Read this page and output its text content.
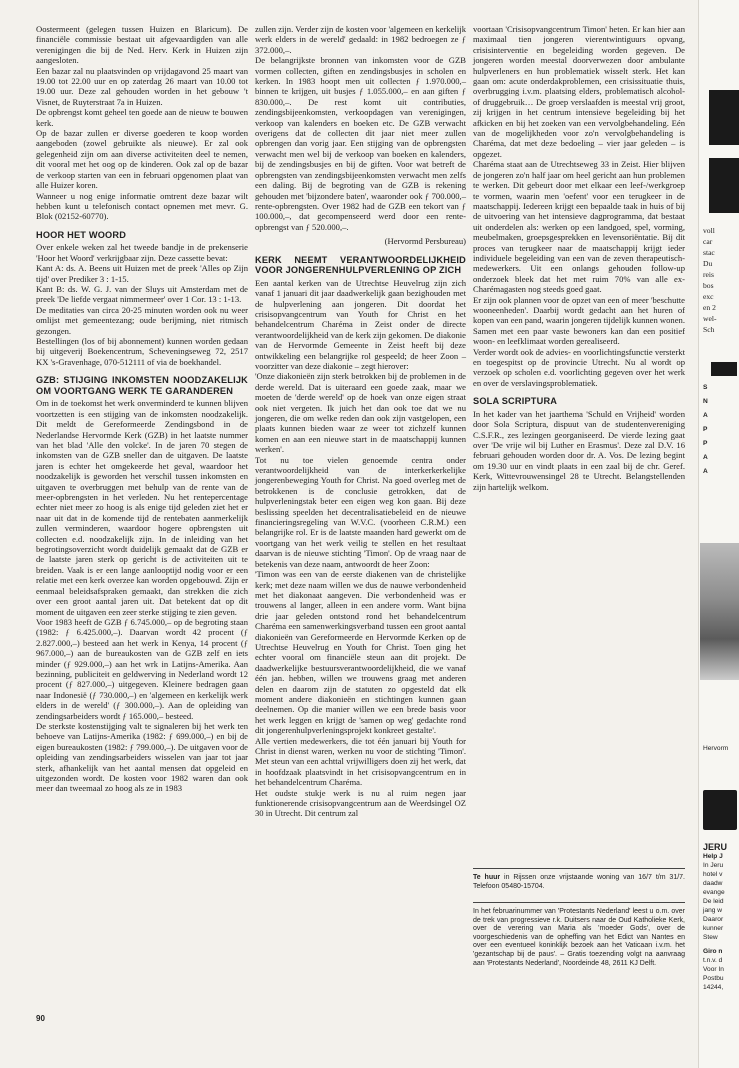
Oostermeent (gelegen tussen Huizen en Blaricum). De financiële commissie bestaat uit afgevaardigden van alle verenigingen die bij de Ned. Herv. Kerk in Huizen zijn aangesloten.

Een bazar zal nu plaatsvinden op vrijdagavond 25 maart van 19.00 tot 22.00 uur en op zaterdag 26 maart van 10.00 tot 19.00 uur. Deze zal gehouden worden in het gebouw 't Visnet, de Ruyterstraat 7a in Huizen.

De opbrengst komt geheel ten goede aan de nieuw te bouwen kerk.

Op de bazar zullen er diverse goederen te koop worden aangeboden (zowel gebruikte als nieuwe). Er zal ook gelegenheid zijn om aan diverse activiteiten deel te nemen, dit vooral met het oog op de kinderen. Ook zal op de bazar de verkoop starten van een in februari opgenomen plaat van alle Huizer koren.

Wanneer u nog enige informatie omtrent deze bazar wilt hebben kunt u telefonisch contact opnemen met mevr. G. Blok (02152-60770).

HOOR HET WOORD

Over enkele weken zal het tweede bandje in de prekenserie 'Hoor het Woord' verkrijgbaar zijn. Deze cassette bevat:

Kant A: ds. A. Beens uit Huizen met de preek 'Alles op Zijn tijd' over Prediker 3 : 1-15.

Kant B: ds. W. G. J. van der Sluys uit Amsterdam met de preek 'De liefde vergaat nimmermeer' over 1 Cor. 13 : 1-13.

De meditaties van circa 20-25 minuten worden ook nu weer omlijst met gemeentezang; oude berijming, niet ritmisch gezongen.

Bestellingen (los of bij abonnement) kunnen worden gedaan bij uitgeverij Boekencentrum, Scheveningseweg 72, 2517 KX 's-Gravenhage, 070-512111 of via de boekhandel.

GZB: STIJGING INKOMSTEN NOODZAKELIJK OM VOORTGANG WERK TE GARANDEREN

Om in de toekomst het werk onverminderd te kunnen blijven voortzetten is een stijging van de inkomsten noodzakelijk. Dit meldt de Gereformeerde Zendingsbond in de Nederlandse Hervormde Kerk (GZB) in het laatste nummer van het blad 'Alle den volcke'. In de jaren 70 stegen de inkomsten van de GZB sneller dan de uitgaven. De laatste jaren is echter het omgekeerde het geval, waardoor het noodzakelijk is geworden het verschil tussen inkomsten en uitgaven te overbruggen met behulp van de rente van de meer-opbrengsten in het verleden. Nu het rentepercentage echter niet meer zo hoog is als enige tijd geleden ziet het er naar uit dat in de komende tijd de rentebaten aanmerkelijk zullen verminderen, waardoor hogere opbrengsten uit collecten e.d. noodzakelijk zijn. In de inleiding van het begrotingsoverzicht wordt duidelijk gemaakt dat de GZB er de laatste jaren sterk op gericht is de activiteiten uit te breiden. Vaak is er een lange aanlooptijd nodig voor er een relatie met een kerk overzee kan worden opgebouwd. Zijn er eenmaal beleidsafspraken gemaakt, dan strekken die zich over een groot aantal jaren uit. Dat betekent dat op dit moment de uitgaven een zeer sterke stijging te zien geven.

Voor 1983 heeft de GZB ƒ 6.745.000,– op de begroting staan (1982: ƒ 6.425.000,–). Daarvan wordt 42 procent (ƒ 2.827.000,–) besteed aan het werk in Kenya, 14 procent (ƒ 967.000,–) aan de bureaukosten van de GZB zelf en iets minder (ƒ 929.000,–) aan het wrk in Latijns-Amerika. Aan bezinning, publiciteit en geldwerving in Nederland wordt 12 procent (ƒ 827.000,–) uitgegeven. Kleinere bedragen gaan naar Indonesië (ƒ 730.000,–) en 'algemeen en kerkelijk werk elders in de wereld' (ƒ 300.000,–). Aan de opleiding van zendingsarbeiders wordt ƒ 165.000,– besteed.

De sterkste kostenstijging valt te signaleren bij het werk ten behoeve van Latijns-Amerika (1982: ƒ 699.000,–) en bij de eigen bureaukosten (1982: ƒ 799.000,–). De uitgaven voor de opleiding van zendingsarbeiders wisselen van jaar tot jaar sterk, afhankelijk van het aantal mensen dat opgeleid en uitgezonden wordt. De kosten voor 1982 waren dan ook meer dan tweemaal zo hoog als ze in 1983

zullen zijn. Verder zijn de kosten voor 'algemeen en kerkelijk werk elders in de wereld' gedaald: in 1982 bedroegen ze ƒ 372.000,–.

De belangrijkste bronnen van inkomsten voor de GZB vormen collecten, giften en zendingsbusjes in scholen en kerken. In 1983 hoopt men uit collecten ƒ 1.970.000,– binnen te krijgen, uit busjes ƒ 1.055.000,– en aan giften ƒ 830.000,–. De rest komt uit contributies, zendingsbijeenkomsten, verkoopdagen van verenigingen, verkoop van kalenders en boeken etc. De GZB verwacht overigens dat de collecten dit jaar niet meer zullen opbrengen dan vorig jaar. Een stijging van de opbrengsten verwacht men wel bij de verkoop van boeken en kalenders, bij de zendingsbusjes en bij de giften. Voor wat betreft de opbrengsten van zendingsbijeenkomsten verwacht men zelfs een daling. Bij de begroting van de GZB is rekening gehouden met 'bijzondere baten', waaronder ook ƒ 700.000,– rente-opbrengsten. Over 1982 had de GZB een tekort van ƒ 100.000,–, dat gecompenseerd werd door een rente-opbrengst van ƒ 520.000,–.

(Hervormd Persbureau)

KERK NEEMT VERANTWOORDELIJKHEID VOOR JONGERENHULPVERLENING OP ZICH

Een aantal kerken van de Utrechtse Heuvelrug zijn zich vanaf 1 januari dit jaar daadwerkelijk gaan bezighouden met de hulpverlening aan jongeren. Dit doordat het crisisopvangcentrum van Youth for Christ en het behandelcentrum Charéma in Zeist onder de directe verantwoordelijkheid van de kerk zijn gekomen. De diakonie van de Hervormde Gemeente in Zeist heeft bij deze ontwikkeling een belangrijke rol gespeeld; de heer Zoon – voorzitter van deze diakonie – zegt hierover:

'Onze diakonieën zijn sterk betrokken bij de problemen in de derde wereld. Dat is uiteraard een goede zaak, maar we moeten de 'derde wereld' op de hoek van onze eigen straat ook niet vergeten. Ik juich het dan ook toe dat we nu jongeren, die om welke reden dan ook zijn vastgelopen, een plaats kunnen bieden waar ze weer tot zichzelf kunnen komen en aan een nieuwe start in de maatschappij kunnen werken'.

Tot nu toe vielen genoemde centra onder verantwoordelijkheid van de interkerkerkelijke jongerenbeweging Youth for Christ. Na goed overleg met de betrokkenen is de conclusie getrokken, dat de hulpverleningstak beter een eigen weg kon gaan. Bij deze beslissing speelden het decentralisatiebeleid en de nieuwe financieringsregeling van W.V.C. (voorheen C.R.M.) een belangrijke rol. Er is de laatste maanden hard gewerkt om de voortgang van het werk veilig te stellen en het resultaat daarvan is de nieuwe stichting 'Timon'. Op de vraag naar de betekenis van deze naam, antwoordt de heer Zoon:

'Timon was een van de eerste diakenen van de christelijke kerk; met deze naam willen we dus de nauwe verbondenheid met het diakonaat aangeven. Die verbondenheid was er trouwens al langer, alleen in een andere vorm. Want bijna drie jaar geleden ontstond rond het behandelcentrum Charéma een samenwerkingsverband tussen een groot aantal diakonieën van Gereformeerde en Hervormde Kerken op de Utrechtse Heuvelrug en Youth for Christ. Toen ging het echter vooral om financiële steun aan dit projekt. De daadwerkelijke bestuursverantwoordelijkheid, die we vanaf één jan. hebben, willen we trouwens graag met anderen delen en daarom zijn de statuten zo opgesteld dat elk moment andere diakonieën en stichtingen kunnen gaan deelnemen. Op die manier willen we een brede basis voor het werk leggen en krijgt de 'samen op weg' gedachte rond dit jongerenhulpverleningsprojekt konkreet gestalte'.

Alle vertien medewerkers, die tot één januari bij Youth for Christ in dienst waren, werken nu voor de stichting 'Timon'. Met steun van een achttal vrijwilligers doen zij het werk, dat in hoofdzaak plaatsvindt in het crisisopvangcentrum en in het behandelcentrum Charéma.

Het oudste stukje werk is nu al ruim negen jaar funktionerende crisisopvangcentrum aan de Weerdsingel OZ 30 in Utrecht. Dit centrum zal

voortaan 'Crisisopvangcentrum Timon' heten. Er kan hier aan maximaal tien jongeren vierentwintiguurs opvang, crisisinterventie en begeleiding worden gegeven. De jongeren worden meestal doorverwezen door ambulante hulpverleners en hun problematiek wisselt sterk. Het kan gaan om: acute onderdakproblemen, een crisissituatie thuis, overbrugging i.v.m. plaatsing elders, problematisch alcohol- of druggebruik… De groep verslaafden is meestal vrij groot, zij krijgen in het centrum intensieve begeleiding bij het afkicken en bij het zoeken van een vervolgbehandeling. Eén van de mogelijkheden voor zo'n vervolgbehandeling is Charéma, dat met deze bedoeling – vier jaar geleden – is opgezet.

Charéma staat aan de Utrechtseweg 33 in Zeist. Hier blijven de jongeren zo'n half jaar om heel gericht aan hun problemen te werken. Dit gebeurt door met elkaar een leef-/werkgroep te vormen, waarin men 'oefent' voor een terugkeer in de maatschappij. Iedereen krijgt een bepaalde taak in huis of bij de uitvoering van het intensieve dagprogramma, dat bestaat uit onderdelen als: werken op een landgoed, spel, vorming, meubelmaken, groepsgesprekken en levensoriëntatie. Bij dit proces van terugkeer naar de maatschappij krijgt ieder individuele begeleiding van een van de zeven therapeutisch-medewerkers. Uit een onlangs gehouden follow-up onderzoek bleek dat het met ruim 70% van alle ex-Charémagasten nog steeds goed gaat.

Er zijn ook plannen voor de opzet van een of meer 'beschutte wooneenheden'. Daarbij wordt gedacht aan het huren of kopen van een pand, waarin jongeren tijdelijk kunnen wonen. Samen met een paar vaste bewoners kan dan een positief woon- en leefklimaat worden gerealiseerd.

Verder wordt ook de advies- en voorlichtingsfunctie versterkt en toegespitst op de provincie Utrecht. Nu al wordt op verzoek op scholen e.d. voorlichting gegeven over het werk en over de verslavingsproblematiek.

SOLA SCRIPTURA

In het kader van het jaarthema 'Schuld en Vrijheid' worden door Sola Scriptura, dispuut van de studentenvereniging C.S.F.R., zes lezingen georganiseerd. De vierde lezing gaat over 'De vrije wil bij Luther en Erasmus'. Deze zal D.V. 16 februari gehouden worden door dr. A. Vos. De lezing begint om 19.30 uur en vindt plaats in een zaal bij de chr. Geref. Kerk, Wittevrouwensingel 28 te Utrecht. Belangstellenden zijn hartelijk welkom.

Te huur in Rijssen onze vrijstaande woning van 16/7 t/m 31/7. Telefoon 05480-15704.
In het februarinummer van 'Protestants Nederland' leest u o.m. over de trek van progressieve r.k. Duitsers naar de Oud Katholieke Kerk, over de verering van Maria als 'moeder Gods', over de voorgeschiedenis van de opheffing van het Edict van Nantes en over een eventueel koninklijk bezoek aan het Vaticaan i.v.m. het 'gezantschap bij de paus'. – Gratis toezending volgt na aanvraag aan 'Protestants Nederland', Noordeinde 48, 2611 KJ Delft.
90
voll
car
stac
Du
reis
bos
exc
en 2
wel-
Sch
S
N
A
P
P
A
A
Hervorm
JERU
Help J
In Jeru
hotel v
daadw
evange
De leid
jang w
Daaror
kunner
Stew
Giro n
t.n.v. d
Voor In
Postbu
14244,
